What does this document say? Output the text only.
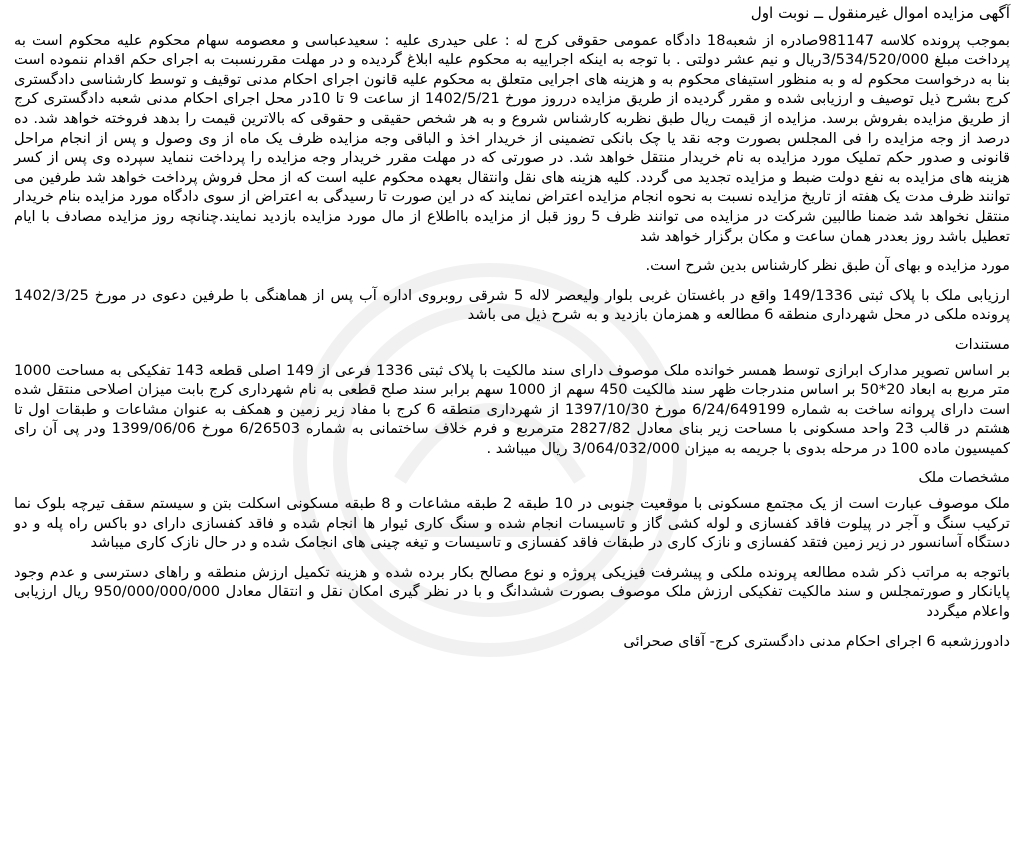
آگهی مزایده اموال غیرمنقول ــ نوبت اول

بموجب پرونده کلاسه 981147صادره از شعبه18 دادگاه عمومی حقوقی کرج له : علی حیدری علیه : سعیدعباسی و معصومه سهام محکوم علیه محکوم است به پرداخت مبلغ 3/534/520/000ریال و نیم عشر دولتی . با توجه به اینکه اجراییه به محکوم علیه ابلاغ گردیده و در مهلت مقررنسبت به اجرای حکم اقدام ننموده است بنا به درخواست محکوم له و به منظور استیفای محکوم به و هزینه های اجرایی متعلق به محکوم علیه قانون اجرای احکام مدنی توقیف و توسط کارشناسی دادگستری کرج بشرح ذیل توصیف و ارزیابی شده و مقرر گردیده از طریق مزایده درروز مورخ 1402/5/21 از ساعت 9 تا 10در محل اجرای احکام مدنی شعبه دادگستری کرج از طریق مزایده بفروش برسد. مزایده از قیمت ریال طبق نظربه کارشناس شروع و به هر شخص حقیقی و حقوقی که بالاترین قیمت را بدهد فروخته خواهد شد. ده درصد از وجه مزایده را فی المجلس بصورت وجه نقد یا چک بانکی تضمینی از خریدار اخذ و الباقی وجه مزایده ظرف یک ماه از وی وصول و پس از انجام مراحل قانونی و صدور حکم تملیک مورد مزایده به نام خریدار منتقل خواهد شد. در صورتی که در مهلت مقرر خریدار وجه مزایده را پرداخت ننماید سپرده وی پس از کسر هزینه های مزایده به نفع دولت ضبط و مزایده تجدید می گردد. کلیه هزینه های نقل وانتقال بعهده محکوم علیه است که از محل فروش پرداخت خواهد شد طرفین می توانند ظرف مدت یک هفته از تاریخ مزایده نسبت به نحوه انجام مزایده اعتراض نمایند که در این صورت تا رسیدگی به اعتراض از سوی دادگاه مورد مزایده بنام خریدار منتقل نخواهد شد ضمنا طالبین شرکت در مزایده می توانند ظرف 5 روز قبل از مزایده بااطلاع از مال مورد مزایده بازدید نمایند.چنانچه روز مزایده مصادف با ایام تعطیل باشد روز بعددر همان ساعت و مکان برگزار خواهد شد

مورد مزایده و بهای آن طبق نظر کارشناس بدین شرح است.

ارزیابی ملک با پلاک ثبتی 149/1336 واقع در باغستان غربی بلوار ولیعصر لاله 5 شرقی روبروی اداره آب پس از هماهنگی با طرفین دعوی در مورخ 1402/3/25 پرونده ملکی در محل شهرداری منطقه 6 مطالعه و همزمان بازدید و به شرح ذیل می باشد

مستندات

بر اساس تصویر مدارک ابرازی توسط همسر خوانده ملک موصوف دارای سند مالکیت با پلاک ثبتی 1336 فرعی از 149 اصلی قطعه 143 تفکیکی به مساحت 1000 متر مربع به ابعاد 20*50 بر اساس مندرجات ظهر سند مالکیت 450 سهم از 1000 سهم برابر سند صلح قطعی به نام شهرداری کرج بابت میزان اصلاحی منتقل شده است دارای پروانه ساخت به شماره 6/24/649199 مورخ 1397/10/30 از شهرداری منطقه 6 کرج با مفاد زیر زمین و همکف به عنوان مشاعات و طبقات اول تا هشتم در قالب 23 واحد مسکونی با مساحت زیر بنای معادل 2827/82 مترمربع و فرم خلاف ساختمانی به شماره 6/26503 مورخ 1399/06/06 ودر پی آن رای کمیسیون ماده 100 در مرحله بدوی با جریمه به میزان 3/064/032/000 ریال میباشد .

مشخصات ملک

ملک موصوف عبارت است از یک مجتمع مسکونی با موقعیت جنوبی در 10 طبقه 2 طبقه مشاعات و 8 طبقه مسکونی اسکلت بتن و سیستم سقف تیرچه بلوک نما ترکیب سنگ و آجر در پیلوت فاقد کفسازی و لوله کشی گاز و تاسیسات انجام شده و سنگ کاری ئیوار ها انجام شده و فاقد کفسازی دارای دو باکس راه پله و دو دستگاه آسانسور در زیر زمین فتقد کفسازی و نازک کاری در طبقات فاقد کفسازی و تاسیسات و تیغه چینی های انجامک شده و در حال نازک کاری میباشد

باتوجه به مراتب ذکر شده مطالعه پرونده ملکی و پیشرفت فیزیکی پروژه و نوع مصالح بکار برده شده و هزینه تکمیل ارزش منطقه و راهای دسترسی و عدم وجود پایانکار و صورتمجلس و سند مالکیت تفکیکی ارزش ملک موصوف بصورت ششدانگ و با در نظر گیری امکان نقل و انتقال معادل 950/000/000/000 ریال ارزیابی واعلام میگردد

دادورزشعبه 6 اجرای احکام مدنی دادگستری کرج- آقای صحرائی
